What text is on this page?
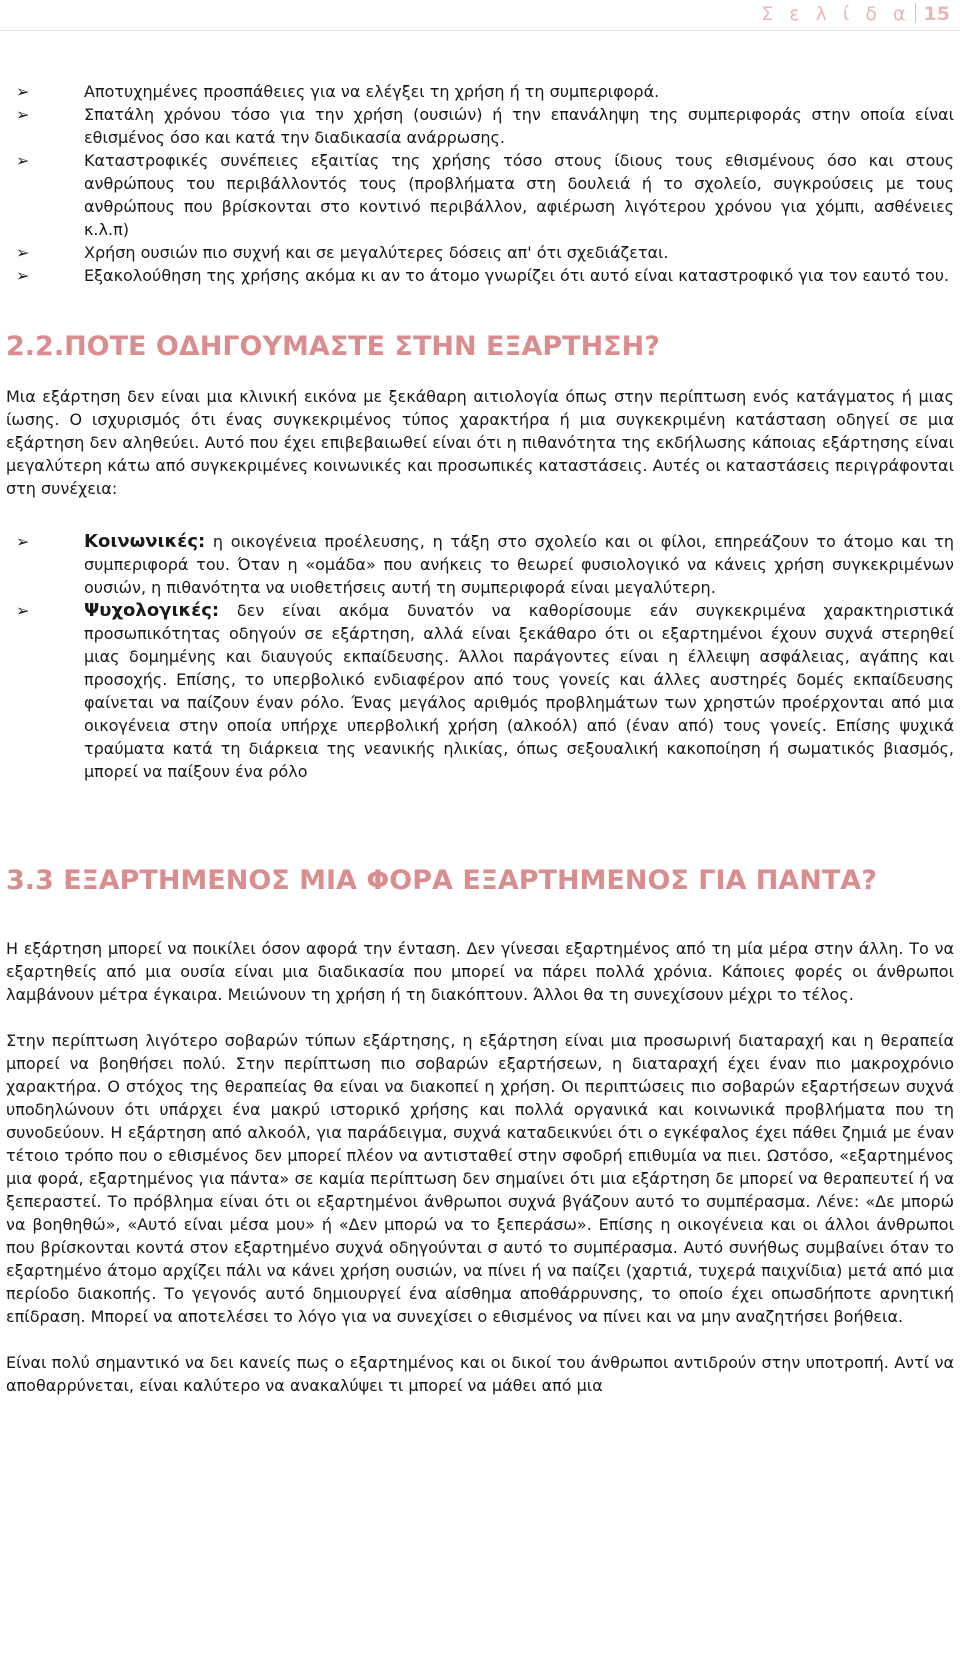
Σ ε λ ί δ α 15
➢	Αποτυχημένες προσπάθειες για να ελέγξει τη χρήση ή τη συμπεριφορά.
➢	Σπατάλη χρόνου τόσο για την χρήση (ουσιών) ή την επανάληψη της συμπεριφοράς στην οποία είναι εθισμένος όσο και κατά την διαδικασία ανάρρωσης.
➢	Καταστροφικές συνέπειες εξαιτίας της χρήσης τόσο στους ίδιους τους εθισμένους όσο και στους ανθρώπους του περιβάλλοντός τους (προβλήματα στη δουλειά ή το σχολείο, συγκρούσεις με τους ανθρώπους που βρίσκονται στο κοντινό περιβάλλον, αφιέρωση λιγότερου χρόνου για χόμπι, ασθένειες κ.λ.π)
➢	Χρήση ουσιών πιο συχνή και σε μεγαλύτερες δόσεις απ' ότι σχεδιάζεται.
➢	Εξακολούθηση της χρήσης ακόμα κι αν το άτομο γνωρίζει ότι αυτό είναι καταστροφικό για τον εαυτό του.
2.2.ΠΟΤΕ ΟΔΗΓΟΥΜΑΣΤΕ ΣΤΗΝ ΕΞΑΡΤΗΣΗ?

Μια εξάρτηση δεν είναι μια κλινική εικόνα με ξεκάθαρη αιτιολογία όπως στην περίπτωση ενός κατάγματος ή μιας ίωσης. Ο ισχυρισμός ότι ένας συγκεκριμένος τύπος χαρακτήρα ή μια συγκεκριμένη κατάσταση οδηγεί σε μια εξάρτηση δεν αληθεύει. Αυτό που έχει επιβεβαιωθεί είναι ότι η πιθανότητα της εκδήλωσης κάποιας εξάρτησης είναι μεγαλύτερη κάτω από συγκεκριμένες κοινωνικές και προσωπικές καταστάσεις. Αυτές οι καταστάσεις περιγράφονται στη συνέχεια:

➢	Κοινωνικές: η οικογένεια προέλευσης, η τάξη στο σχολείο και οι φίλοι, επηρεάζουν το άτομο και τη συμπεριφορά του. Όταν η «ομάδα» που ανήκεις το θεωρεί φυσιολογικό να κάνεις χρήση συγκεκριμένων ουσιών, η πιθανότητα να υιοθετήσεις αυτή τη συμπεριφορά είναι μεγαλύτερη.
➢	Ψυχολογικές: δεν είναι ακόμα δυνατόν να καθορίσουμε εάν συγκεκριμένα χαρακτηριστικά προσωπικότητας οδηγούν σε εξάρτηση, αλλά είναι ξεκάθαρο ότι οι εξαρτημένοι έχουν συχνά στερηθεί μιας δομημένης και διαυγούς εκπαίδευσης. Άλλοι παράγοντες είναι η έλλειψη ασφάλειας, αγάπης και προσοχής. Επίσης, το υπερβολικό ενδιαφέρον από τους γονείς και άλλες αυστηρές δομές εκπαίδευσης φαίνεται να παίζουν έναν ρόλο. Ένας μεγάλος αριθμός προβλημάτων των χρηστών προέρχονται από μια οικογένεια στην οποία υπήρχε υπερβολική χρήση (αλκοόλ) από (έναν από) τους γονείς. Επίσης ψυχικά τραύματα κατά τη διάρκεια της νεανικής ηλικίας, όπως σεξουαλική κακοποίηση ή σωματικός βιασμός, μπορεί να παίξουν ένα ρόλο
3.3 ΕΞΑΡΤΗΜΕΝΟΣ ΜΙΑ ΦΟΡΑ ΕΞΑΡΤΗΜΕΝΟΣ ΓΙΑ ΠΑΝΤΑ?

Η εξάρτηση μπορεί να ποικίλει όσον αφορά την ένταση. Δεν γίνεσαι εξαρτημένος από τη μία μέρα στην άλλη. Το να εξαρτηθείς από μια ουσία είναι μια διαδικασία που μπορεί να πάρει πολλά χρόνια. Κάποιες φορές οι άνθρωποι λαμβάνουν μέτρα έγκαιρα. Μειώνουν τη χρήση ή τη διακόπτουν. Άλλοι θα τη συνεχίσουν μέχρι το τέλος.

Στην περίπτωση λιγότερο σοβαρών τύπων εξάρτησης, η εξάρτηση είναι μια προσωρινή διαταραχή και η θεραπεία μπορεί να βοηθήσει πολύ. Στην περίπτωση πιο σοβαρών εξαρτήσεων, η διαταραχή έχει έναν πιο μακροχρόνιο χαρακτήρα. Ο στόχος της θεραπείας θα είναι να διακοπεί η χρήση. Οι περιπτώσεις πιο σοβαρών εξαρτήσεων συχνά υποδηλώνουν ότι υπάρχει ένα μακρύ ιστορικό χρήσης και πολλά οργανικά και κοινωνικά προβλήματα που τη συνοδεύουν. Η εξάρτηση από αλκοόλ, για παράδειγμα, συχνά καταδεικνύει ότι ο εγκέφαλος έχει πάθει ζημιά με έναν τέτοιο τρόπο που ο εθισμένος δεν μπορεί πλέον να αντισταθεί στην σφοδρή επιθυμία να πιει. Ωστόσο, «εξαρτημένος μια φορά, εξαρτημένος για πάντα» σε καμία περίπτωση δεν σημαίνει ότι μια εξάρτηση δε μπορεί να θεραπευτεί ή να ξεπεραστεί. Το πρόβλημα είναι ότι οι εξαρτημένοι άνθρωποι συχνά βγάζουν αυτό το συμπέρασμα. Λένε: «Δε μπορώ να βοηθηθώ», «Αυτό είναι μέσα μου» ή «Δεν μπορώ να το ξεπεράσω». Επίσης η οικογένεια και οι άλλοι άνθρωποι που βρίσκονται κοντά στον εξαρτημένο συχνά οδηγούνται σ αυτό το συμπέρασμα. Αυτό συνήθως συμβαίνει όταν το εξαρτημένο άτομο αρχίζει πάλι να κάνει χρήση ουσιών, να πίνει ή να παίζει (χαρτιά, τυχερά παιχνίδια) μετά από μια περίοδο διακοπής. Το γεγονός αυτό δημιουργεί ένα αίσθημα αποθάρρυνσης, το οποίο έχει οπωσδήποτε αρνητική επίδραση. Μπορεί να αποτελέσει το λόγο για να συνεχίσει ο εθισμένος να πίνει και να μην αναζητήσει βοήθεια.

Είναι πολύ σημαντικό να δει κανείς πως ο εξαρτημένος και οι δικοί του άνθρωποι αντιδρούν στην υποτροπή. Αντί να αποθαρρύνεται, είναι καλύτερο να ανακαλύψει τι μπορεί να μάθει από μια
